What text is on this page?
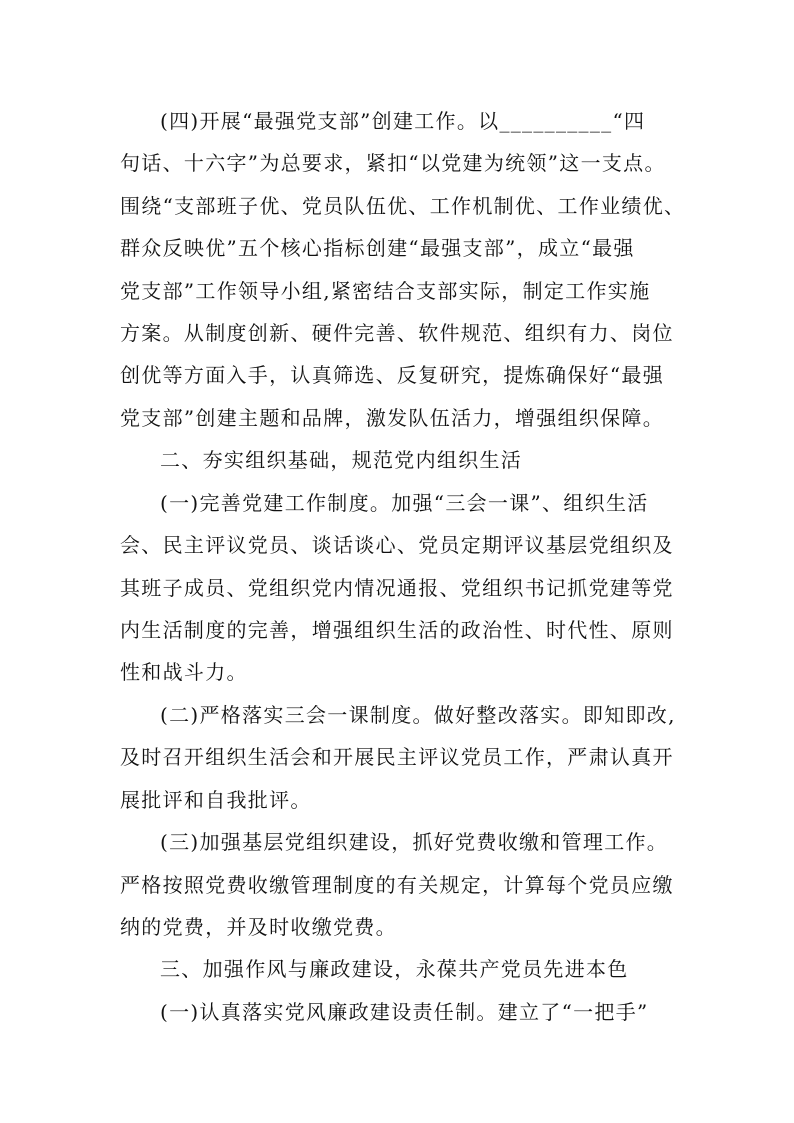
(四)开展“最强党支部”创建工作。以__________“四
句话、十六字”为总要求，紧扣“以党建为统领”这一支点。
围绕“支部班子优、党员队伍优、工作机制优、工作业绩优、
群众反映优”五个核心指标创建“最强支部”，成立“最强
党支部”工作领导小组,紧密结合支部实际，制定工作实施
方案。从制度创新、硬件完善、软件规范、组织有力、岗位
创优等方面入手，认真筛选、反复研究，提炼确保好“最强
党支部”创建主题和品牌，激发队伍活力，增强组织保障。
二、夯实组织基础，规范党内组织生活
(一)完善党建工作制度。加强“三会一课”、组织生活
会、民主评议党员、谈话谈心、党员定期评议基层党组织及
其班子成员、党组织党内情况通报、党组织书记抓党建等党
内生活制度的完善，增强组织生活的政治性、时代性、原则
性和战斗力。
(二)严格落实三会一课制度。做好整改落实。即知即改,
及时召开组织生活会和开展民主评议党员工作，严肃认真开
展批评和自我批评。
(三)加强基层党组织建设，抓好党费收缴和管理工作。
严格按照党费收缴管理制度的有关规定，计算每个党员应缴
纳的党费，并及时收缴党费。
三、加强作风与廉政建设，永葆共产党员先进本色
(一)认真落实党风廉政建设责任制。建立了“一把手”
